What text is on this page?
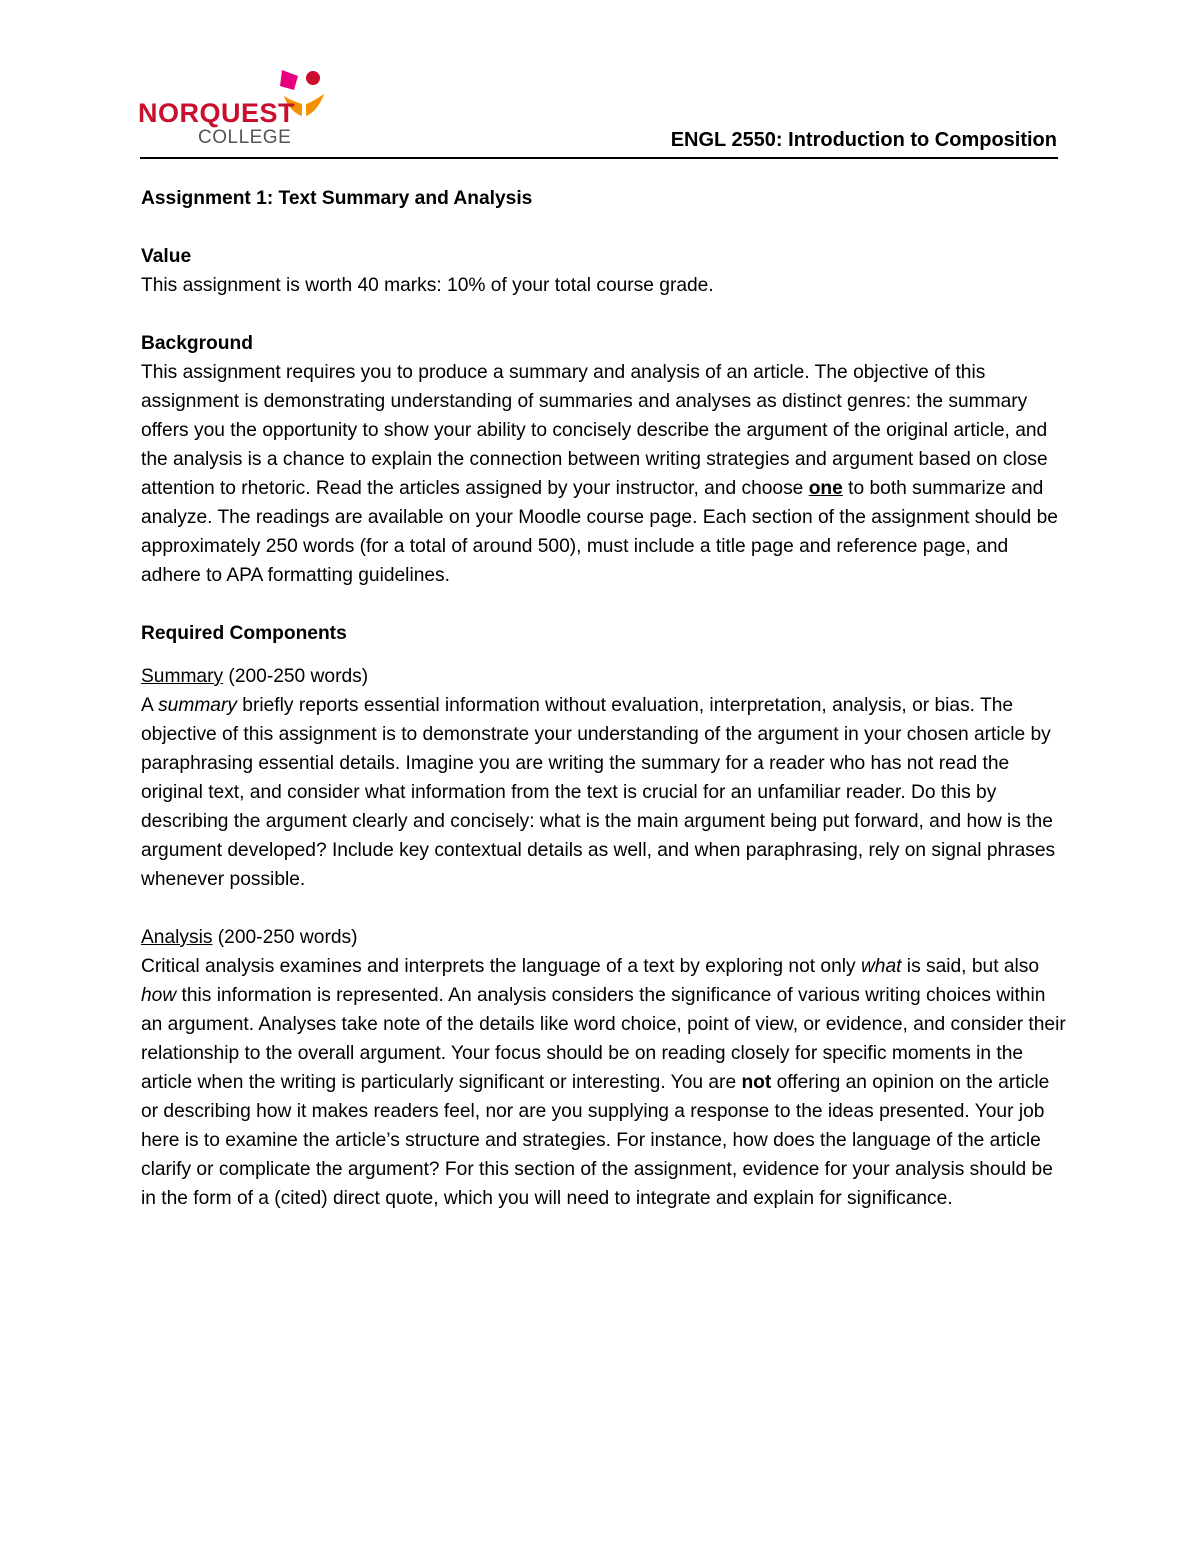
NORQUEST
COLLEGE	ENGL 2550: Introduction to Composition

Assignment 1: Text Summary and Analysis

Value

This assignment is worth 40 marks: 10% of your total course grade.

Background

This assignment requires you to produce a summary and analysis of an article. The objective of this assignment is demonstrating understanding of summaries and analyses as distinct genres: the summary offers you the opportunity to show your ability to concisely describe the argument of the original article, and the analysis is a chance to explain the connection between writing strategies and argument based on close attention to rhetoric. Read the articles assigned by your instructor, and choose one to both summarize and analyze. The readings are available on your Moodle course page. Each section of the assignment should be approximately 250 words (for a total of around 500), must include a title page and reference page, and adhere to APA formatting guidelines.

Required Components

Summary (200-250 words)

A summary briefly reports essential information without evaluation, interpretation, analysis, or bias. The objective of this assignment is to demonstrate your understanding of the argument in your chosen article by paraphrasing essential details. Imagine you are writing the summary for a reader who has not read the original text, and consider what information from the text is crucial for an unfamiliar reader. Do this by describing the argument clearly and concisely: what is the main argument being put forward, and how is the argument developed? Include key contextual details as well, and when paraphrasing, rely on signal phrases whenever possible.

Analysis (200-250 words)

Critical analysis examines and interprets the language of a text by exploring not only what is said, but also how this information is represented. An analysis considers the significance of various writing choices within an argument. Analyses take note of the details like word choice, point of view, or evidence, and consider their relationship to the overall argument. Your focus should be on reading closely for specific moments in the article when the writing is particularly significant or interesting. You are not offering an opinion on the article or describing how it makes readers feel, nor are you supplying a response to the ideas presented. Your job here is to examine the article’s structure and strategies. For instance, how does the language of the article clarify or complicate the argument? For this section of the assignment, evidence for your analysis should be in the form of a (cited) direct quote, which you will need to integrate and explain for significance.
